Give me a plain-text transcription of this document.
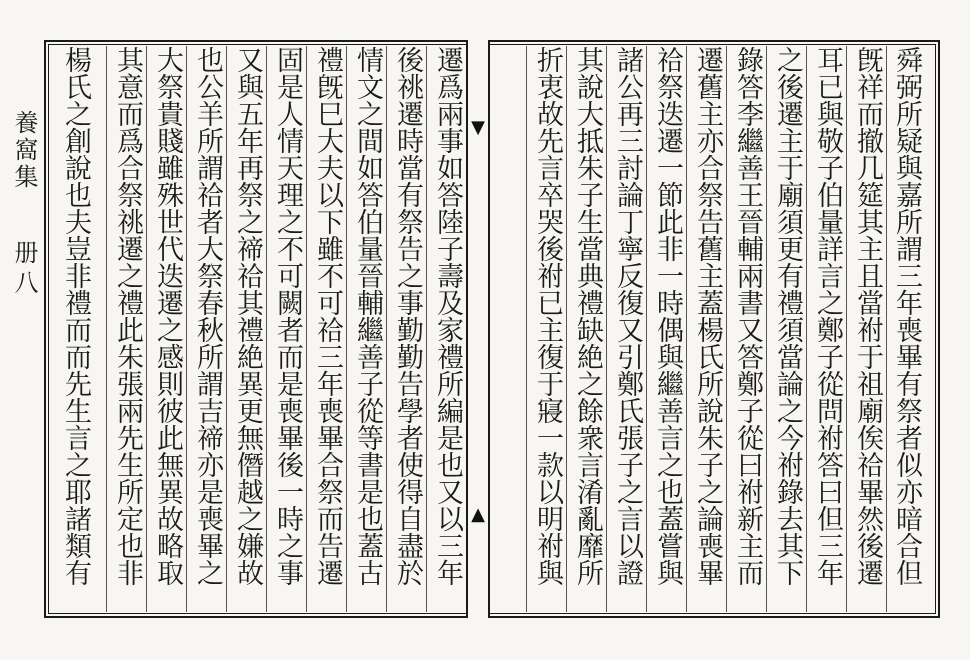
養窩集
册八
▼
▲	舜弼所疑與嘉所謂三年喪畢有祭者似亦暗合但
旣祥而撤几筵其主且當祔于祖廟俟祫畢然後遷
耳已與敬子伯量詳言之鄭子從問祔答曰但三年
之後遷主于廟須更有禮須當論之今祔錄去其下
錄答李繼善王晉輔兩書又答鄭子從曰祔新主而
遷舊主亦合祭告舊主蓋楊氏所說朱子之論喪畢
祫祭迭遷一節此非一時偶與繼善言之也蓋嘗與
諸公再三討論丁寧反復又引鄭氏張子之言以證
其說大抵朱子生當典禮缺絶之餘衆言淆亂靡所
折衷故先言卒哭後祔已主復于寢一款以明祔與
遷爲兩事如答陸子壽及家禮所編是也又以三年
後祧遷時當有祭告之事勤勤告學者使得自盡於
情文之間如答伯量晉輔繼善子從等書是也蓋古
禮旣巳大夫以下雖不可祫三年喪畢合祭而告遷
固是人情天理之不可闕者而是喪畢後一時之事
又與五年再祭之禘祫其禮絶異更無僭越之嫌故
也公羊所謂祫者大祭春秋所謂吉禘亦是喪畢之
大祭貴賤雖殊世代迭遷之感則彼此無異故略取
其意而爲合祭祧遷之禮此朱張兩先生所定也非
楊氏之創說也夫豈非禮而而先生言之耶諸類有
